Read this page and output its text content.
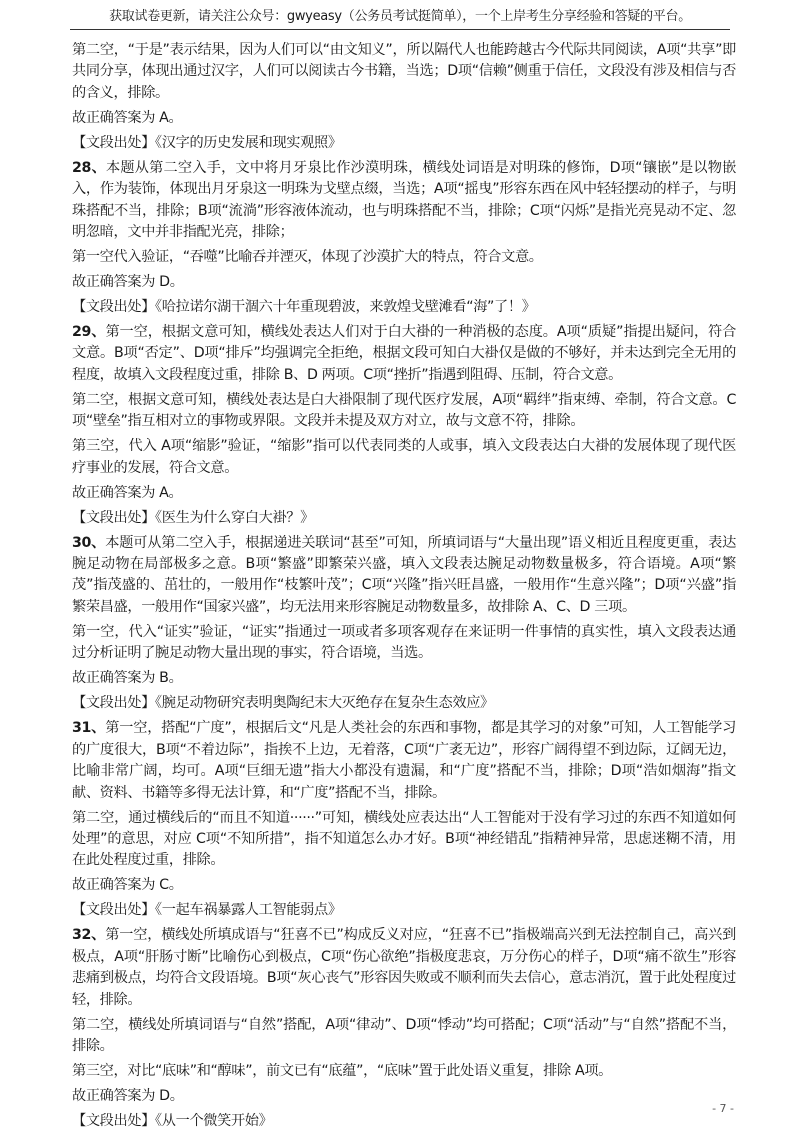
获取试卷更新，请关注公众号：gwyeasy（公务员考试挺简单），一个上岸考生分享经验和答疑的平台。

第二空，“于是”表示结果，因为人们可以“由文知义”，所以隔代人也能跨越古今代际共同阅读，A项“共享”即共同分享，体现出通过汉字，人们可以阅读古今书籍，当选；D项“信赖”侧重于信任，文段没有涉及相信与否的含义，排除。

故正确答案为 A。

【文段出处】《汉字的历史发展和现实观照》

28、本题从第二空入手，文中将月牙泉比作沙漠明珠，横线处词语是对明珠的修饰，D项“镶嵌”是以物嵌入，作为装饰，体现出月牙泉这一明珠为戈壁点缀，当选；A项“摇曳”形容东西在风中轻轻摆动的样子，与明珠搭配不当，排除；B项“流淌”形容液体流动，也与明珠搭配不当，排除；C项“闪烁”是指光亮晃动不定、忽明忽暗，文中并非指配光亮，排除；

第一空代入验证，“吞噬”比喻吞并湮灭，体现了沙漠扩大的特点，符合文意。

故正确答案为 D。

【文段出处】《哈拉诺尔湖干涸六十年重现碧波，来敦煌戈壁滩看“海”了！》

29、第一空，根据文意可知，横线处表达人们对于白大褂的一种消极的态度。A项“质疑”指提出疑问，符合文意。B项“否定”、D项“排斥”均强调完全拒绝，根据文段可知白大褂仅是做的不够好，并未达到完全无用的程度，故填入文段程度过重，排除 B、D 两项。C项“挫折”指遇到阻碍、压制，符合文意。

第二空，根据文意可知，横线处表达是白大褂限制了现代医疗发展，A项“羁绊”指束缚、牵制，符合文意。C项“壁垒”指互相对立的事物或界限。文段并未提及双方对立，故与文意不符，排除。

第三空，代入 A项“缩影”验证，“缩影”指可以代表同类的人或事，填入文段表达白大褂的发展体现了现代医疗事业的发展，符合文意。

故正确答案为 A。

【文段出处】《医生为什么穿白大褂？》

30、本题可从第二空入手，根据递进关联词“甚至”可知，所填词语与“大量出现”语义相近且程度更重，表达腕足动物在局部极多之意。B项“繁盛”即繁荣兴盛，填入文段表达腕足动物数量极多，符合语境。A项“繁茂”指茂盛的、茁壮的，一般用作“枝繁叶茂”；C项“兴隆”指兴旺昌盛，一般用作“生意兴隆”；D项“兴盛”指繁荣昌盛，一般用作“国家兴盛”，均无法用来形容腕足动物数量多，故排除 A、C、D 三项。

第一空，代入“证实”验证，“证实”指通过一项或者多项客观存在来证明一件事情的真实性，填入文段表达通过分析证明了腕足动物大量出现的事实，符合语境，当选。

故正确答案为 B。

【文段出处】《腕足动物研究表明奥陶纪末大灭绝存在复杂生态效应》

31、第一空，搭配“广度”，根据后文“凡是人类社会的东西和事物，都是其学习的对象”可知，人工智能学习的广度很大，B项“不着边际”，指挨不上边，无着落，C项“广袤无边”，形容广阔得望不到边际，辽阔无边，比喻非常广阔，均可。A项“巨细无遗”指大小都没有遗漏，和“广度”搭配不当，排除；D项“浩如烟海”指文献、资料、书籍等多得无法计算，和“广度”搭配不当，排除。

第二空，通过横线后的“而且不知道······”可知，横线处应表达出“人工智能对于没有学习过的东西不知道如何处理”的意思，对应 C项“不知所措”，指不知道怎么办才好。B项“神经错乱”指精神异常，思虑迷糊不清，用在此处程度过重，排除。

故正确答案为 C。

【文段出处】《一起车祸暴露人工智能弱点》

32、第一空，横线处所填成语与“狂喜不已”构成反义对应，“狂喜不已”指极端高兴到无法控制自己，高兴到极点，A项“肝肠寸断”比喻伤心到极点，C项“伤心欲绝”指极度悲哀，万分伤心的样子，D项“痛不欲生”形容悲痛到极点，均符合文段语境。B项“灰心丧气”形容因失败或不顺利而失去信心，意志消沉，置于此处程度过轻，排除。

第二空，横线处所填词语与“自然”搭配，A项“律动”、D项“悸动”均可搭配；C项“活动”与“自然”搭配不当，排除。

第三空，对比“底味”和“醇味”，前文已有“底蕴”，“底味”置于此处语义重复，排除 A项。

故正确答案为 D。

【文段出处】《从一个微笑开始》

- 7 -
